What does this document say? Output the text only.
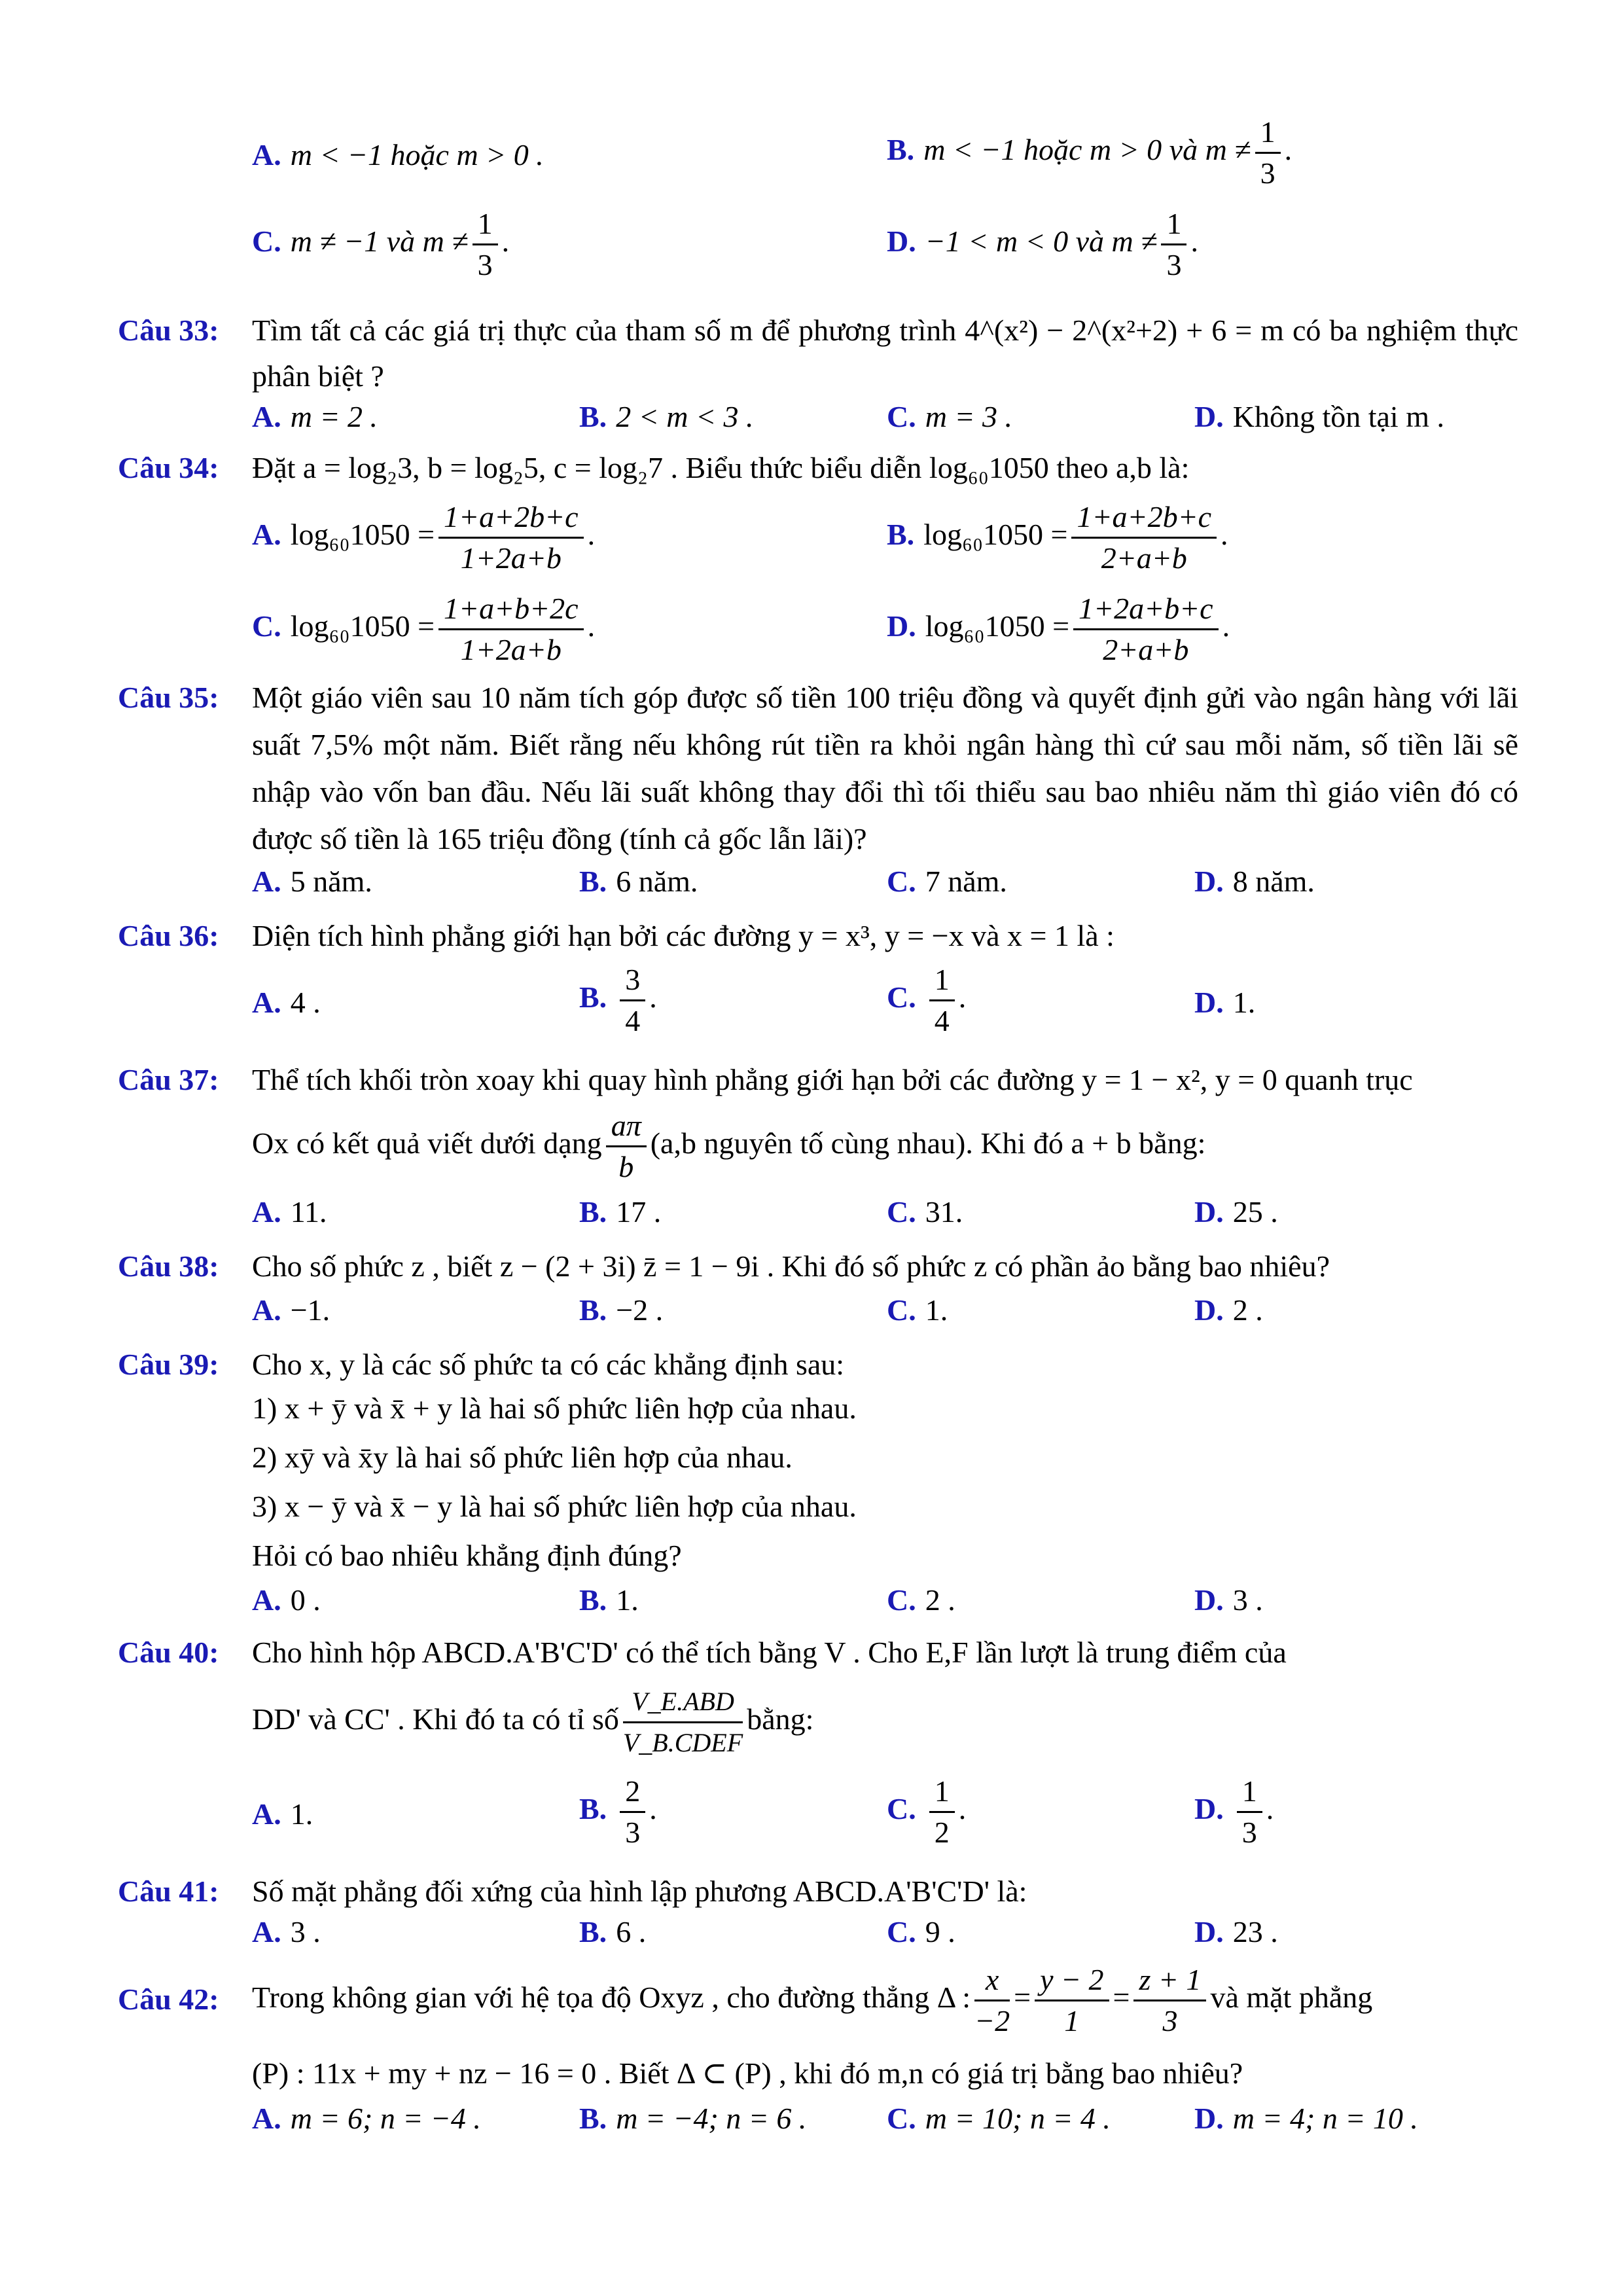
A. m < −1 hoặc m > 0 .	B. m < −1 hoặc m > 0 và $m \ne \frac{1}{3}$ .
C. m ≠ −1 và $m \ne \frac{1}{3}$ .	D. −1 < m < 0 và $m \ne \frac{1}{3}$ .
Câu 33: Tìm tất cả các giá trị thực của tham số m để phương trình 4^(x²) − 2^(x²+2) + 6 = m có ba nghiệm thực phân biệt ?
A. m = 2 .	B. 2 < m < 3 .	C. m = 3 .	D. Không tồn tại m .
Câu 34: Đặt a = log₂3, b = log₂5, c = log₂7 . Biểu thức biểu diễn log₆₀1050 theo a,b là:
A. $\log_{60}1050 = \frac{1+a+2b+c}{1+2a+b}$ .	B. $\log_{60}1050 = \frac{1+a+2b+c}{2+a+b}$ .
C. $\log_{60}1050 = \frac{1+a+b+2c}{1+2a+b}$ .	D. $\log_{60}1050 = \frac{1+2a+b+c}{2+a+b}$ .
Câu 35: Một giáo viên sau 10 năm tích góp được số tiền 100 triệu đồng và quyết định gửi vào ngân hàng với lãi suất 7,5% một năm. Biết rằng nếu không rút tiền ra khỏi ngân hàng thì cứ sau mỗi năm, số tiền lãi sẽ nhập vào vốn ban đầu. Nếu lãi suất không thay đổi thì tối thiểu sau bao nhiêu năm thì giáo viên đó có được số tiền là 165 triệu đồng (tính cả gốc lẫn lãi)?
A. 5 năm.	B. 6 năm.	C. 7 năm.	D. 8 năm.
Câu 36: Diện tích hình phẳng giới hạn bởi các đường y = x³, y = −x và x = 1 là :
A. 4 .	B. $\frac{3}{4}$ .	C. $\frac{1}{4}$ .	D. 1.
Câu 37: Thể tích khối tròn xoay khi quay hình phẳng giới hạn bởi các đường y = 1 − x², y = 0 quanh trục
Ox có kết quả viết dưới dạng $\frac{a\pi}{b} (a,b$ nguyên tố cùng nhau). Khi đó a + b bằng:
A. 11.	B. 17 .	C. 31.	D. 25 .
Câu 38: Cho số phức z , biết z − (2 + 3i) z̄ = 1 − 9i . Khi đó số phức z có phần ảo bằng bao nhiêu?
A. −1.	B. −2 .	C. 1.	D. 2 .
Câu 39: Cho x, y là các số phức ta có các khẳng định sau:
1) x + ȳ và x̄ + y là hai số phức liên hợp của nhau.
2) xȳ và x̄y là hai số phức liên hợp của nhau.
3) x − ȳ và x̄ − y là hai số phức liên hợp của nhau.
Hỏi có bao nhiêu khẳng định đúng?
A. 0 .	B. 1.	C. 2 .	D. 3 .
Câu 40: Cho hình hộp ABCD.A'B'C'D' có thể tích bằng V . Cho E,F lần lượt là trung điểm của
DD' và CC' . Khi đó ta có tỉ số $\frac{\text{V\_E.ABD}}{\text{V\_B.CDEF}}$ bằng:
A. 1.	B. $\frac{2}{3}$ .	C. $\frac{1}{2}$ .	D. $\frac{1}{3}$ .
Câu 41: Số mặt phẳng đối xứng của hình lập phương ABCD.A'B'C'D' là:
A. 3 .	B. 6 .	C. 9 .	D. 23 .
Câu 42: Trong không gian với hệ tọa độ Oxyz , cho đường thẳng Δ : $\frac{x}{-2} = \frac{y - 2}{1} = \frac{z + 1}{3}$ và mặt phẳng
(P) : 11x + my + nz − 16 = 0 . Biết Δ ⊂ (P) , khi đó m,n có giá trị bằng bao nhiêu?
A. m = 6; n = −4 .	B. m = −4; n = 6 .	C. m = 10; n = 4 .	D. m = 4; n = 10 .
